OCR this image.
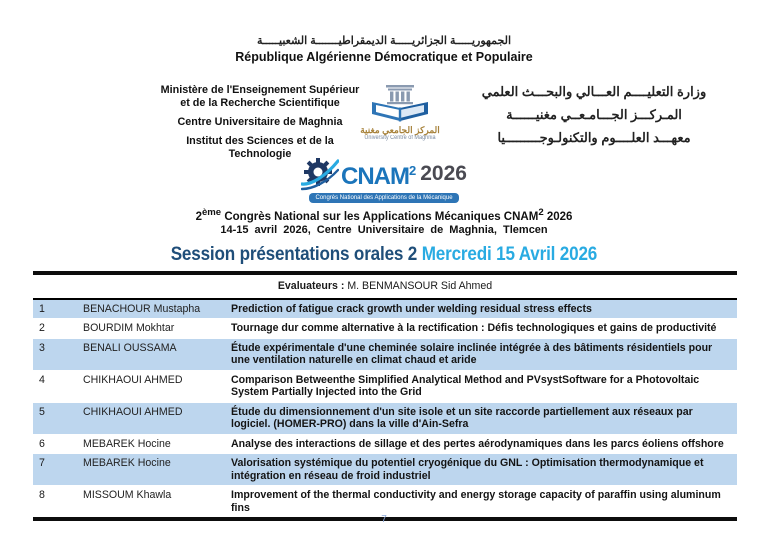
الجمهوريـــــة الجزائريـــــة الديمقراطيـــــــة الشعبيـــــة
République Algérienne Démocratique et Populaire
Ministère de l'Enseignement Supérieur
et de la Recherche Scientifique
Centre Universitaire de Maghnia
Institut des Sciences et de la Technologie
المركز الجامعي مغنية
University Centre of Maghnia
وزارة التعليــــم العـــالي والبحـــث العلمي
المـركـــز الجـــامـعــي مغنيــــــة
معهـــد العلــــوم والتكنولـوجـــــــــيا
CNAM$^2$ 2026
Congrès National des Applications de la Mécanique
2ème Congrès National sur les Applications Mécaniques CNAM$^2$ 2026
14-15 avril 2026, Centre Universitaire de Maghnia, Tlemcen
Session présentations orales 2 Mercredi 15 Avril 2026
Evaluateurs : M. BENMANSOUR Sid Ahmed		
1	BENACHOUR Mustapha	Prediction of fatigue crack growth under welding residual stress effects
2	BOURDIM Mokhtar	Tournage dur comme alternative à la rectification : Défis technologiques et gains de productivité
3	BENALI OUSSAMA	Étude expérimentale d'une cheminée solaire inclinée intégrée à des bâtiments résidentiels pour une ventilation naturelle en climat chaud et aride
4	CHIKHAOUI AHMED	Comparison Betweenthe Simplified Analytical Method and PVsystSoftware for a Photovoltaic System Partially Injected into the Grid
5	CHIKHAOUI AHMED	Étude du dimensionnement d'un site isole et un site raccorde partiellement aux réseaux par logiciel. (HOMER-PRO) dans la ville d'Ain-Sefra
6	MEBAREK Hocine	Analyse des interactions de sillage et des pertes aérodynamiques dans les parcs éoliens offshore
7	MEBAREK Hocine	Valorisation systémique du potentiel cryogénique du GNL : Optimisation thermodynamique et intégration en réseau de froid industriel
8	MISSOUM Khawla	Improvement of the thermal conductivity and energy storage capacity of paraffin using aluminum fins
7
